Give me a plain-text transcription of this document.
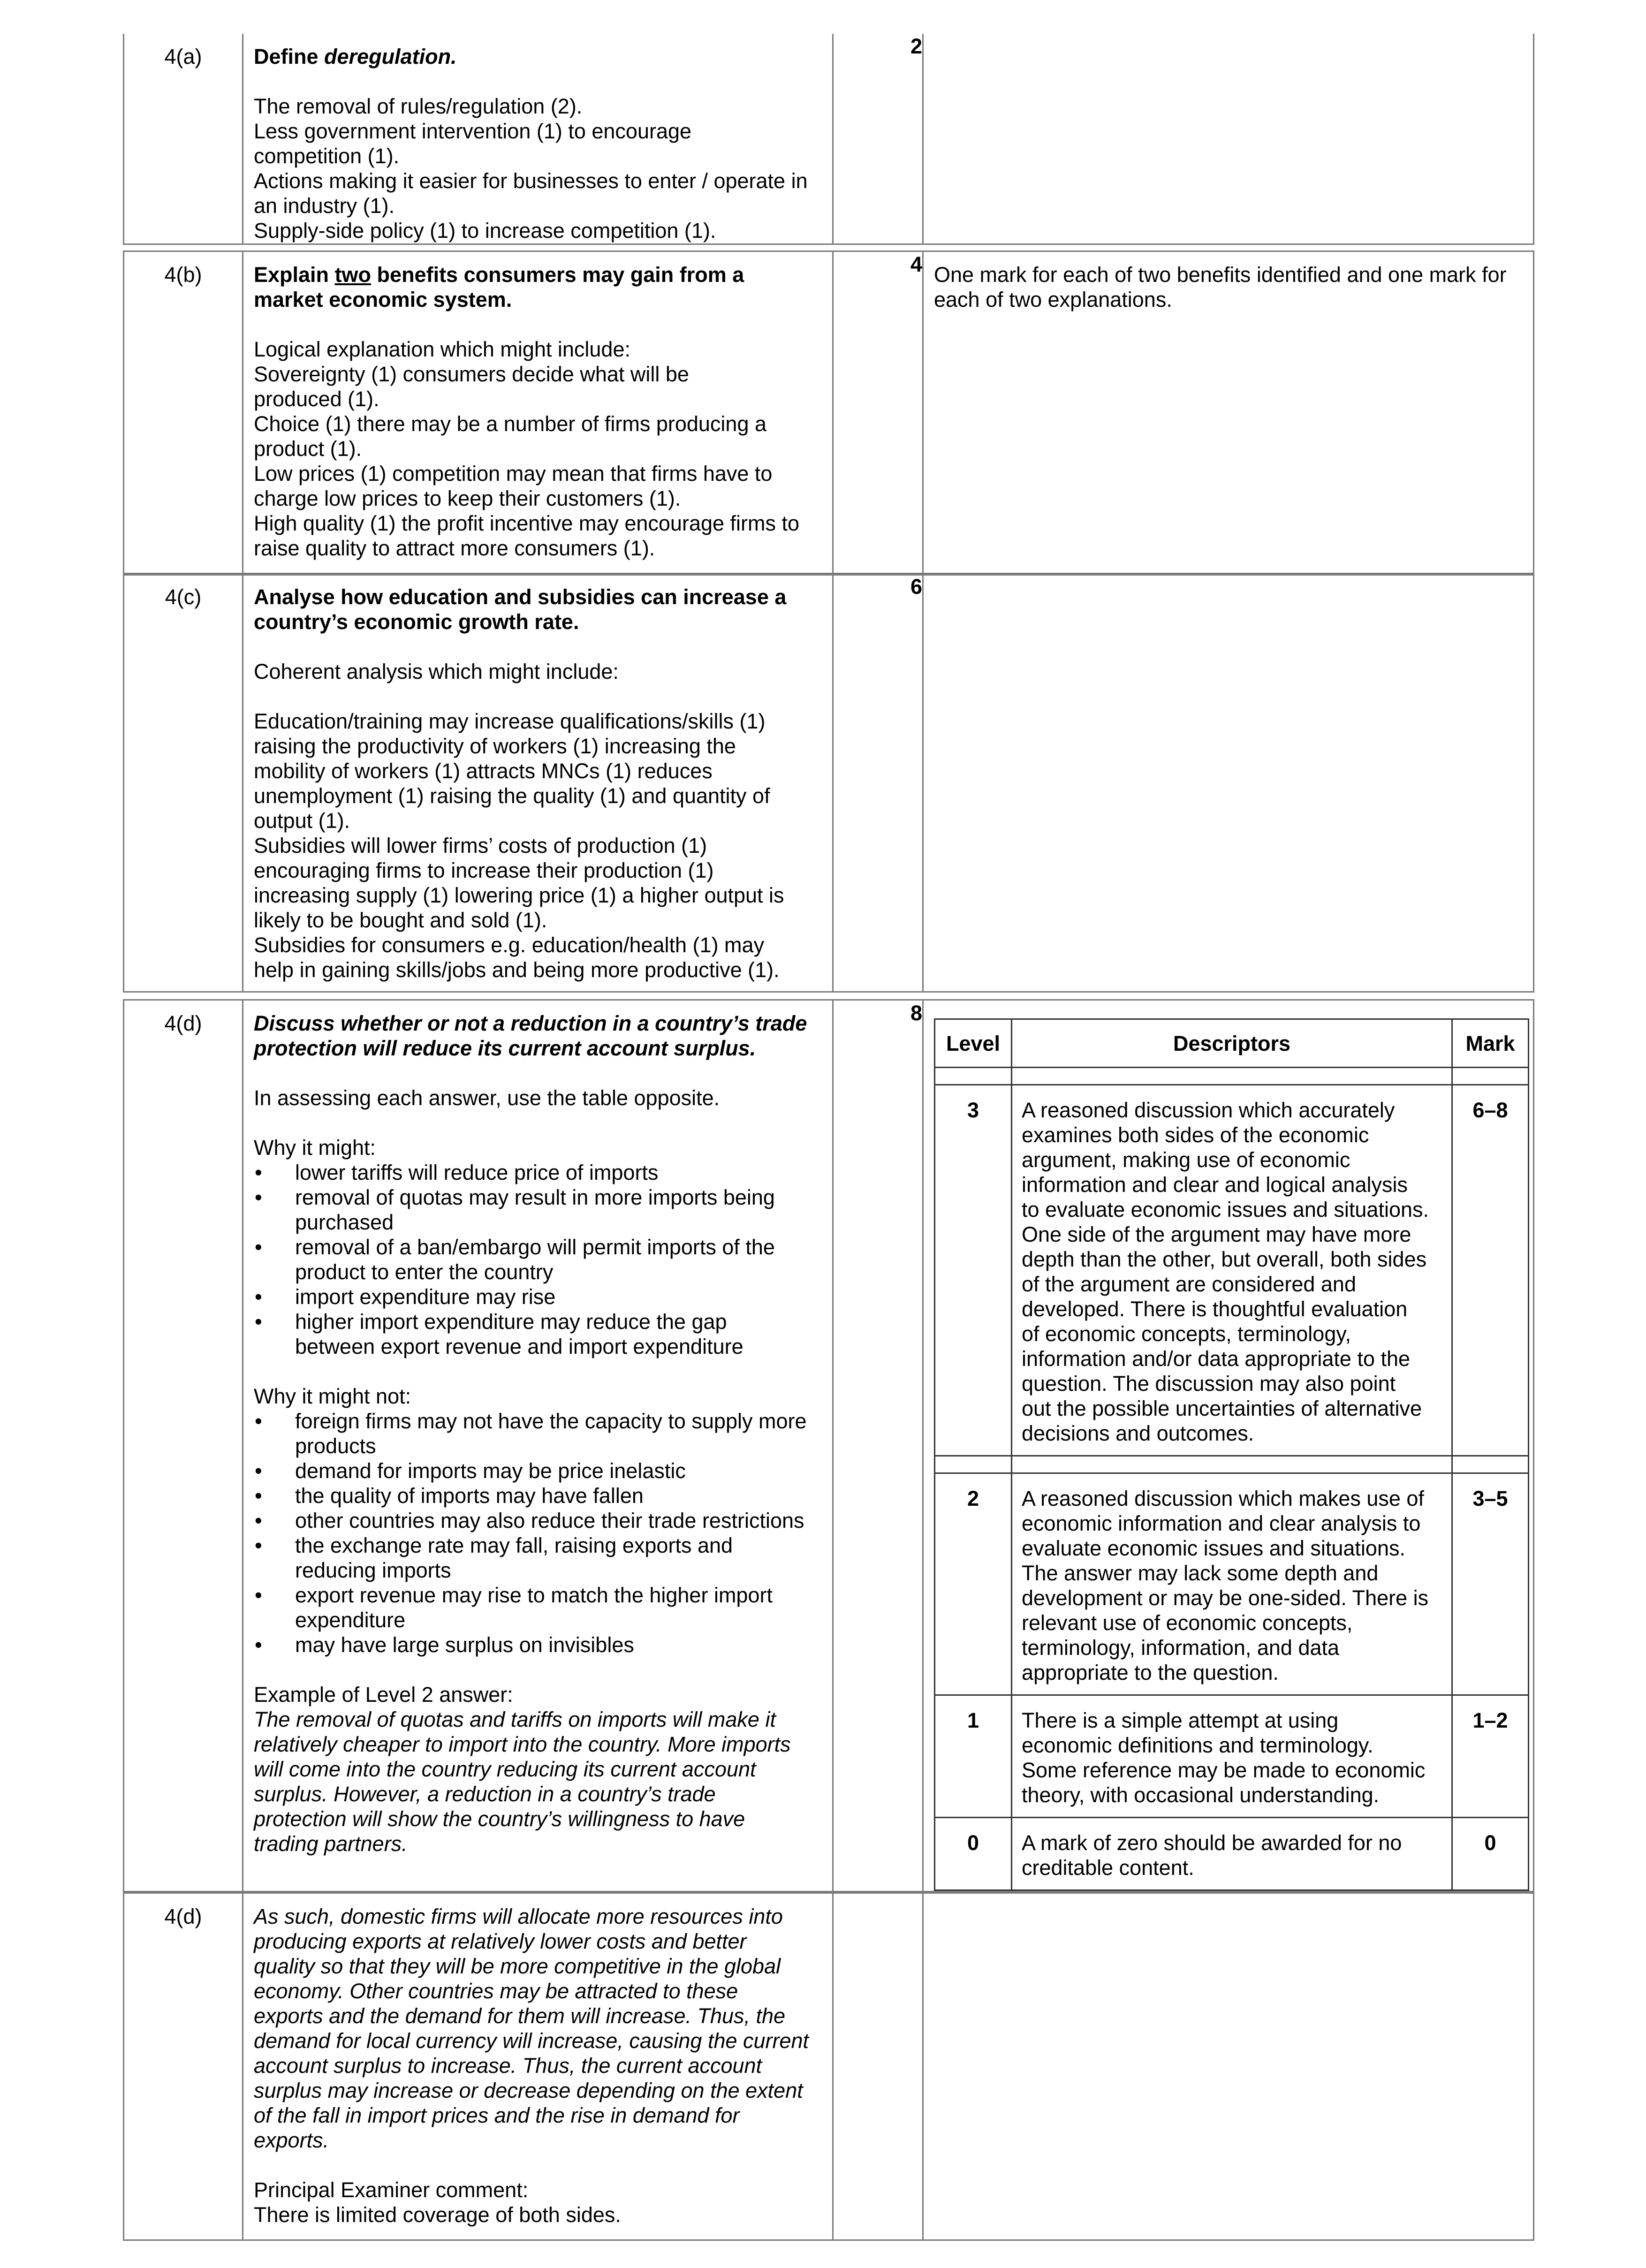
4(a)	Define deregulation.
The removal of rules/regulation (2).
Less government intervention (1) to encourage
competition (1).
Actions making it easier for businesses to enter / operate in
an industry (1).
Supply-side policy (1) to increase competition (1).
	2	
4(b)	Explain two benefits consumers may gain from a
market economic system.
Logical explanation which might include:
Sovereignty (1) consumers decide what will be
produced (1).
Choice (1) there may be a number of firms producing a
product (1).
Low prices (1) competition may mean that firms have to
charge low prices to keep their customers (1).
High quality (1) the profit incentive may encourage firms to
raise quality to attract more consumers (1).
	4	One mark for each of two benefits identified and one mark for
each of two explanations.
4(c)	Analyse how education and subsidies can increase a
country’s economic growth rate.
Coherent analysis which might include:
Education/training may increase qualifications/skills (1)
raising the productivity of workers (1) increasing the
mobility of workers (1) attracts MNCs (1) reduces
unemployment (1) raising the quality (1) and quantity of
output (1).
Subsidies will lower firms’ costs of production (1)
encouraging firms to increase their production (1)
increasing supply (1) lowering price (1) a higher output is
likely to be bought and sold (1).
Subsidies for consumers e.g. education/health (1) may
help in gaining skills/jobs and being more productive (1).
	6	
4(d)	Discuss whether or not a reduction in a country’s trade
protection will reduce its current account surplus.
In assessing each answer, use the table opposite.
Why it might:
• lower tariffs will reduce price of imports
• removal of quotas may result in more imports being
purchased
• removal of a ban/embargo will permit imports of the
product to enter the country
• import expenditure may rise
• higher import expenditure may reduce the gap
between export revenue and import expenditure
Why it might not:
• foreign firms may not have the capacity to supply more
products
• demand for imports may be price inelastic
• the quality of imports may have fallen
• other countries may also reduce their trade restrictions
• the exchange rate may fall, raising exports and
reducing imports
• export revenue may rise to match the higher import
expenditure
• may have large surplus on invisibles
Example of Level 2 answer:
The removal of quotas and tariffs on imports will make it
relatively cheaper to import into the country. More imports
will come into the country reducing its current account
surplus. However, a reduction in a country’s trade
protection will show the country’s willingness to have
trading partners.
	8	
Level	Descriptors	Mark

3	A reasoned discussion which accurately
examines both sides of the economic
argument, making use of economic
information and clear and logical analysis
to evaluate economic issues and situations.
One side of the argument may have more
depth than the other, but overall, both sides
of the argument are considered and
developed. There is thoughtful evaluation
of economic concepts, terminology,
information and/or data appropriate to the
question. The discussion may also point
out the possible uncertainties of alternative
decisions and outcomes.
	6–8

2	A reasoned discussion which makes use of
economic information and clear analysis to
evaluate economic issues and situations.
The answer may lack some depth and
development or may be one-sided. There is
relevant use of economic concepts,
terminology, information, and data
appropriate to the question.
	3–5
1	There is a simple attempt at using
economic definitions and terminology.
Some reference may be made to economic
theory, with occasional understanding.
	1–2
0	A mark of zero should be awarded for no
creditable content.
	0
4(d)	As such, domestic firms will allocate more resources into
producing exports at relatively lower costs and better
quality so that they will be more competitive in the global
economy. Other countries may be attracted to these
exports and the demand for them will increase. Thus, the
demand for local currency will increase, causing the current
account surplus to increase. Thus, the current account
surplus may increase or decrease depending on the extent
of the fall in import prices and the rise in demand for
exports.
Principal Examiner comment:
There is limited coverage of both sides.
